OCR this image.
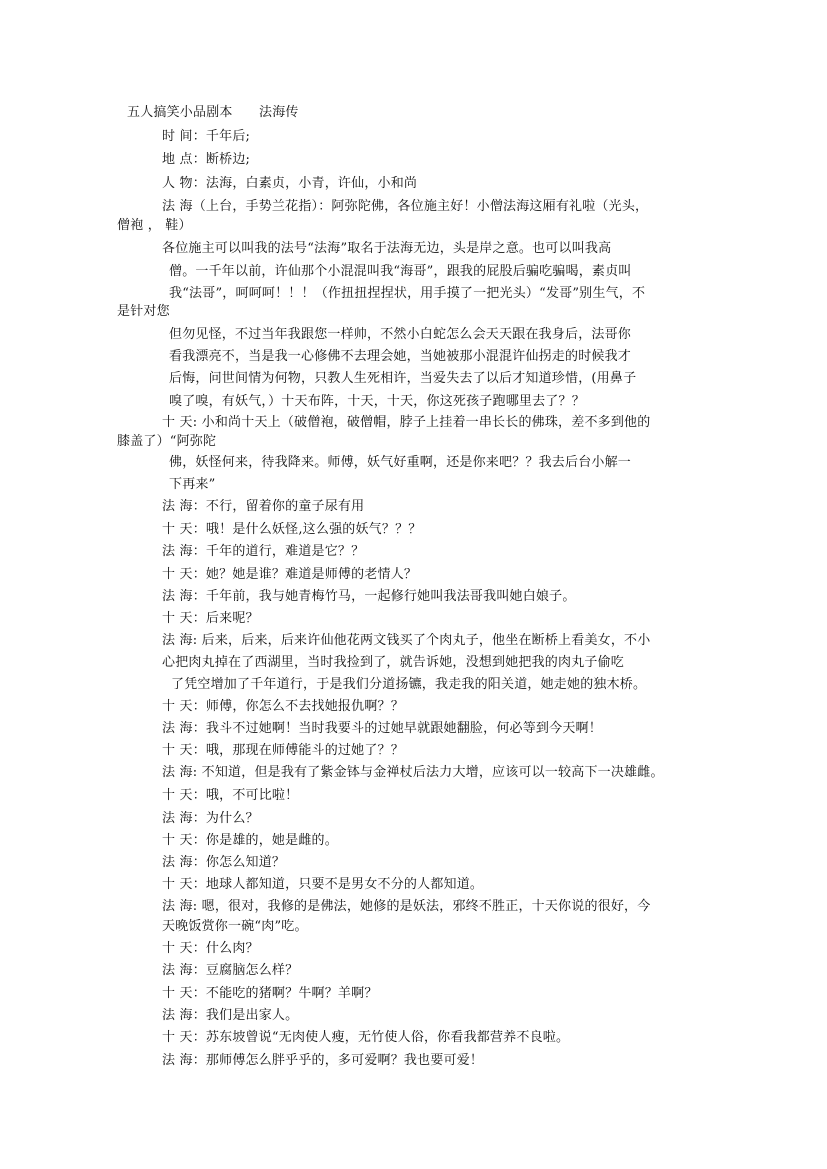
五人搞笑小品剧本　　法海传
时 间：千年后;
地 点：断桥边;
人 物：法海，白素贞，小青，许仙，小和尚
法 海（上台，手势兰花指）：阿弥陀佛，各位施主好！小僧法海这厢有礼啦（光头，
僧袍 ， 鞋）
各位施主可以叫我的法号“法海”取名于法海无边，头是岸之意。也可以叫我高
僧。一千年以前，许仙那个小混混叫我“海哥”，跟我的屁股后骗吃骗喝，素贞叫
我“法哥”，呵呵呵！！！（作扭扭捏捏状，用手摸了一把光头）“发哥”别生气，不
是针对您
但勿见怪，不过当年我跟您一样帅，不然小白蛇怎么会天天跟在我身后，法哥你
看我漂亮不，当是我一心修佛不去理会她，当她被那小混混许仙拐走的时候我才
后悔，问世间情为何物，只教人生死相许，当爱失去了以后才知道珍惜，(用鼻子
嗅了嗅，有妖气，）十天布阵，十天，十天，你这死孩子跑哪里去了？？
十 天: 小和尚十天上（破僧袍，破僧帽，脖子上挂着一串长长的佛珠，差不多到他的
膝盖了）“阿弥陀
佛，妖怪何来，待我降来。师傅，妖气好重啊，还是你来吧？？我去后台小解一
下再来”
法 海：不行，留着你的童子尿有用
十 天：哦！是什么妖怪,这么强的妖气？？？
法 海：千年的道行，难道是它？？
十 天：她？她是谁？难道是师傅的老情人？
法 海：千年前，我与她青梅竹马，一起修行她叫我法哥我叫她白娘子。
十 天：后来呢？
法 海: 后来，后来，后来许仙他花两文钱买了个肉丸子，他坐在断桥上看美女，不小
心把肉丸掉在了西湖里，当时我捡到了，就告诉她，没想到她把我的肉丸子偷吃
了凭空增加了千年道行，于是我们分道扬镳，我走我的阳关道，她走她的独木桥。
十 天：师傅，你怎么不去找她报仇啊？？
法 海：我斗不过她啊！当时我要斗的过她早就跟她翻脸，何必等到今天啊！
十 天：哦，那现在师傅能斗的过她了？？
法 海: 不知道，但是我有了紫金钵与金禅杖后法力大增，应该可以一较高下一决雄雌。
十 天：哦，不可比啦！
法 海：为什么？
十 天：你是雄的，她是雌的。
法 海：你怎么知道？
十 天：地球人都知道，只要不是男女不分的人都知道。
法 海: 嗯，很对，我修的是佛法，她修的是妖法，邪终不胜正，十天你说的很好，今
天晚饭赏你一碗“肉”吃。
十 天：什么肉？
法 海：豆腐脑怎么样？
十 天：不能吃的猪啊？牛啊？羊啊？
法 海：我们是出家人。
十 天：苏东坡曾说“无肉使人瘦，无竹使人俗，你看我都营养不良啦。
法 海：那师傅怎么胖乎乎的，多可爱啊？我也要可爱！
